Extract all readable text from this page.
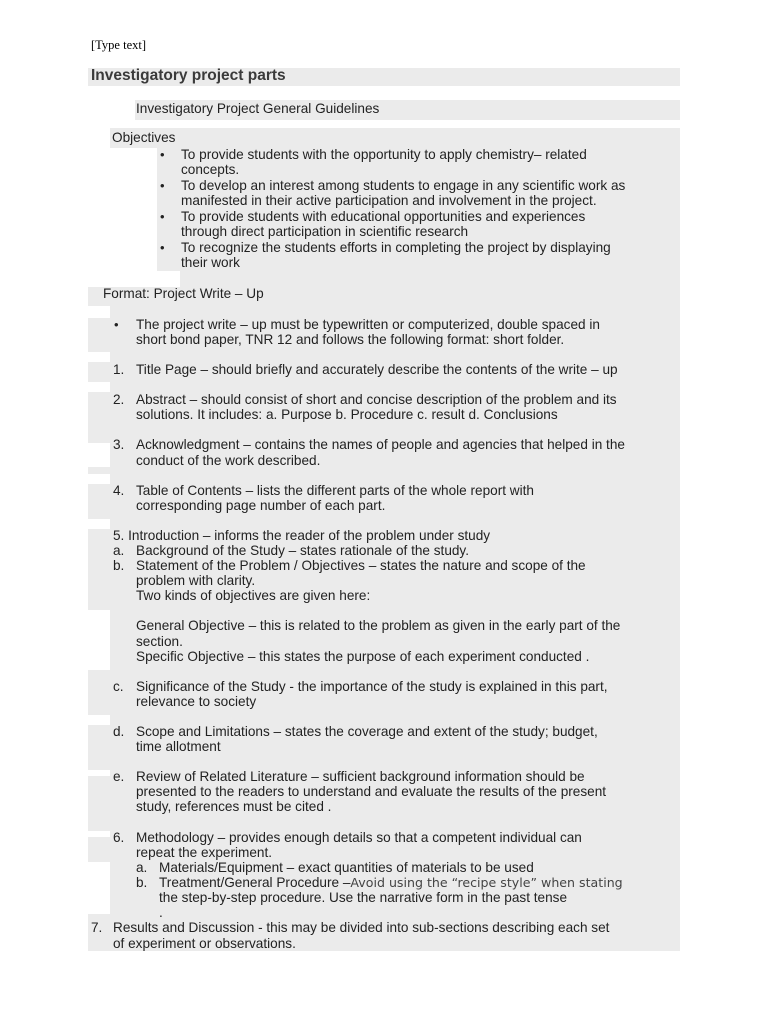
[Type text]
Investigatory project parts
Investigatory Project General Guidelines
Objectives
• To provide students with the opportunity to apply chemistry– related
concepts.
• To develop an interest among students to engage in any scientific work as
manifested in their active participation and involvement in the project.
• To provide students with educational opportunities and experiences
through direct participation in scientific research
• To recognize the students efforts in completing the project by displaying
their work
Format: Project Write – Up
• The project write – up must be typewritten or computerized, double spaced in
short bond paper, TNR 12 and follows the following format: short folder.
1. Title Page – should briefly and accurately describe the contents of the write – up
2. Abstract – should consist of short and concise description of the problem and its
solutions. It includes: a. Purpose b. Procedure c. result d. Conclusions
3. Acknowledgment – contains the names of people and agencies that helped in the
conduct of the work described.
4. Table of Contents – lists the different parts of the whole report with
corresponding page number of each part.
5. Introduction – informs the reader of the problem under study
a. Background of the Study – states rationale of the study.
b. Statement of the Problem / Objectives – states the nature and scope of the
problem with clarity.
Two kinds of objectives are given here:
General Objective – this is related to the problem as given in the early part of the
section.
Specific Objective – this states the purpose of each experiment conducted .
c. Significance of the Study - the importance of the study is explained in this part,
relevance to society
d. Scope and Limitations – states the coverage and extent of the study; budget,
time allotment
e. Review of Related Literature – sufficient background information should be
presented to the readers to understand and evaluate the results of the present
study, references must be cited .
6. Methodology – provides enough details so that a competent individual can
repeat the experiment.
a. Materials/Equipment – exact quantities of materials to be used
b. Treatment/General Procedure –Avoid using the “recipe style” when stating
the step-by-step procedure. Use the narrative form in the past tense
.
7. Results and Discussion - this may be divided into sub-sections describing each set
of experiment or observations.
